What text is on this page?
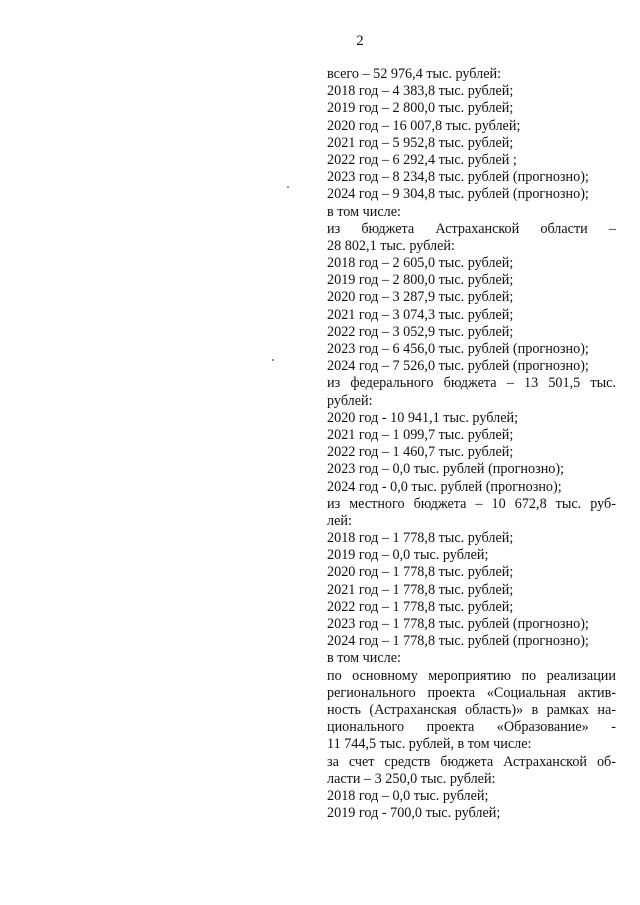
2
всего – 52 976,4 тыс. рублей:
2018 год – 4 383,8 тыс. рублей;
2019 год – 2 800,0 тыс. рублей;
2020 год – 16 007,8 тыс. рублей;
2021 год – 5 952,8 тыс. рублей;
2022 год – 6 292,4 тыс. рублей ;
2023 год – 8 234,8 тыс. рублей (прогнозно);
2024 год – 9 304,8 тыс. рублей (прогнозно);
в том числе:
из бюджета Астраханской области –
28 802,1 тыс. рублей:
2018 год – 2 605,0 тыс. рублей;
2019 год – 2 800,0 тыс. рублей;
2020 год – 3 287,9 тыс. рублей;
2021 год – 3 074,3 тыс. рублей;
2022 год – 3 052,9 тыс. рублей;
2023 год – 6 456,0 тыс. рублей (прогнозно);
2024 год – 7 526,0 тыс. рублей (прогнозно);
из федерального бюджета – 13 501,5 тыс.
рублей:
2020 год - 10 941,1 тыс. рублей;
2021 год – 1 099,7 тыс. рублей;
2022 год – 1 460,7 тыс. рублей;
2023 год – 0,0 тыс. рублей (прогнозно);
2024 год - 0,0 тыс. рублей (прогнозно);
из местного бюджета – 10 672,8 тыс. руб-
лей:
2018 год – 1 778,8 тыс. рублей;
2019 год – 0,0 тыс. рублей;
2020 год – 1 778,8 тыс. рублей;
2021 год – 1 778,8 тыс. рублей;
2022 год – 1 778,8 тыс. рублей;
2023 год – 1 778,8 тыс. рублей (прогнозно);
2024 год – 1 778,8 тыс. рублей (прогнозно);
в том числе:
по основному мероприятию по реализации
регионального проекта «Социальная актив-
ность (Астраханская область)» в рамках на-
ционального проекта «Образование» -
11 744,5 тыс. рублей, в том числе:
за счет средств бюджета Астраханской об-
ласти – 3 250,0 тыс. рублей:
2018 год – 0,0 тыс. рублей;
2019 год - 700,0 тыс. рублей;
